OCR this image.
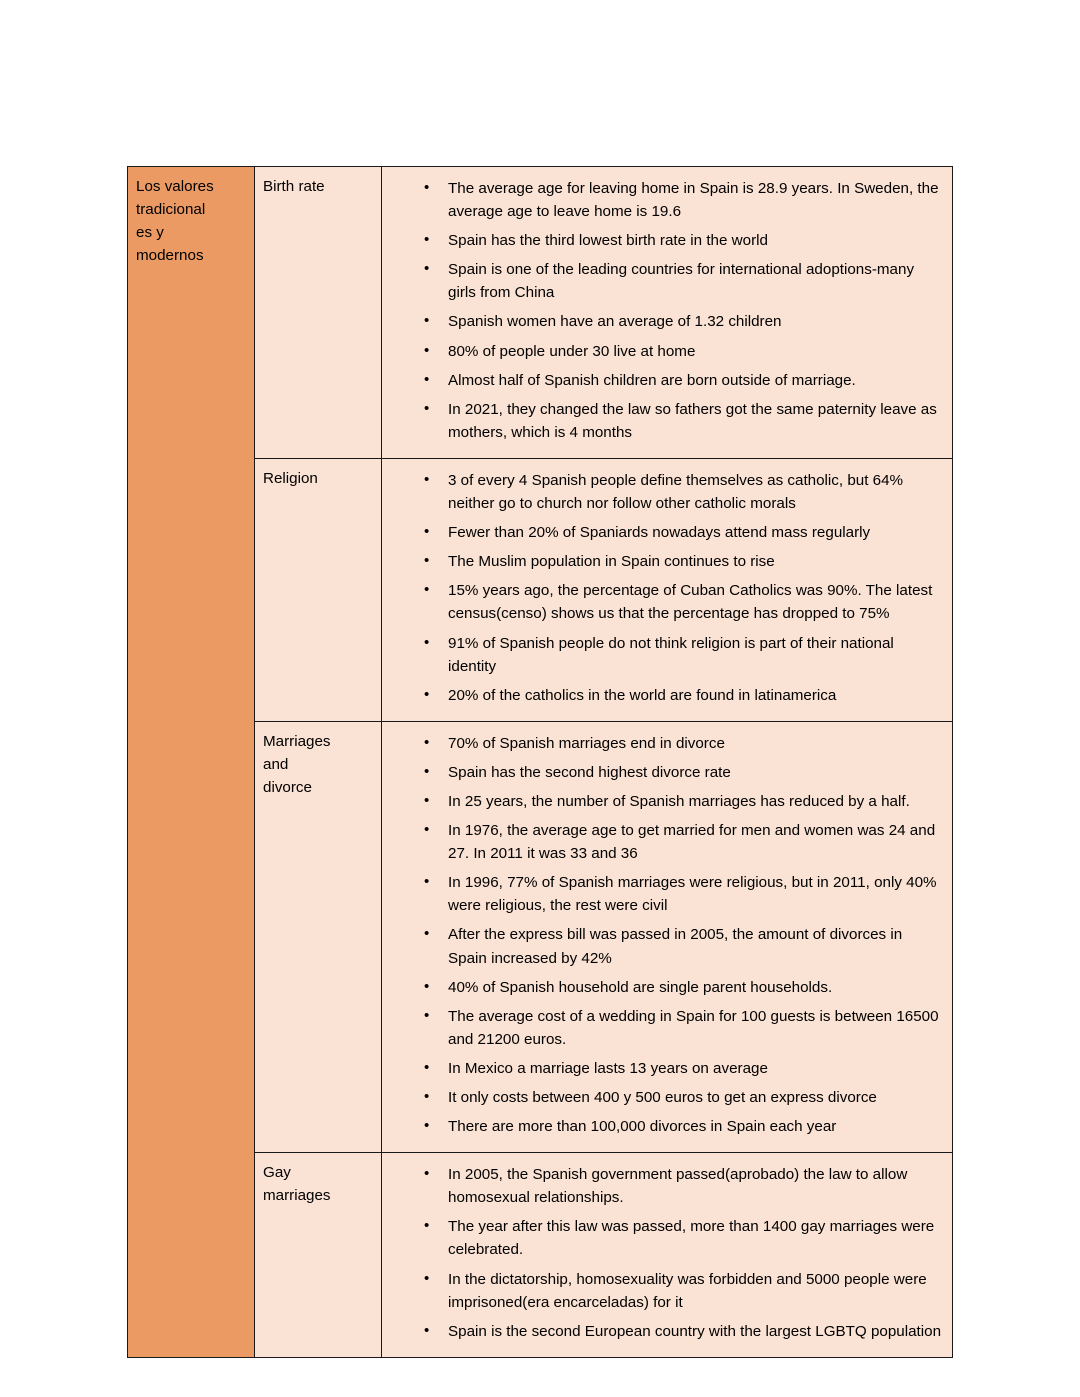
Los valores
tradicional
es y
modernos

Birth rate

•The average age for leaving home in Spain is 28.9 years. In Sweden, the average age to leave home is 19.6
• Spain has the third lowest birth rate in the world
• Spain is one of the leading countries for international adoptions-many girls from China
• Spanish women have an average of 1.32 children
• 80% of people under 30 live at home
• Almost half of Spanish children are born outside of marriage.
• In 2021, they changed the law so fathers got the same paternity leave as mothers, which is 4 months

Religion

•3 of every 4 Spanish people define themselves as catholic, but 64% neither go to church nor follow other catholic morals
• Fewer than 20% of Spaniards nowadays attend mass regularly
• The Muslim population in Spain continues to rise
• 15% years ago, the percentage of Cuban Catholics was 90%. The latest census(censo) shows us that the percentage has dropped to 75%
• 91% of Spanish people do not think religion is part of their national identity
• 20% of the catholics in the world are found in latinamerica

Marriages
and
divorce

• 70% of Spanish marriages end in divorce
• Spain has the second highest divorce rate
• In 25 years, the number of Spanish marriages has reduced by a half.
• In 1976, the average age to get married for men and women was 24 and 27. In 2011 it was 33 and 36
• In 1996, 77% of Spanish marriages were religious, but in 2011, only 40% were religious, the rest were civil
• After the express bill was passed in 2005, the amount of divorces in Spain increased by 42%
• 40% of Spanish household are single parent households.
• The average cost of a wedding in Spain for 100 guests is between 16500 and 21200 euros.
• In Mexico a marriage lasts 13 years on average
• It only costs between 400 y 500 euros to get an express divorce
• There are more than 100,000 divorces in Spain each year

Gay
marriages

• In 2005, the Spanish government passed(aprobado) the law to allow homosexual relationships.
• The year after this law was passed, more than 1400 gay marriages were celebrated.
• In the dictatorship, homosexuality was forbidden and 5000 people were imprisoned(era encarceladas) for it
• Spain is the second European country with the largest LGBTQ population
